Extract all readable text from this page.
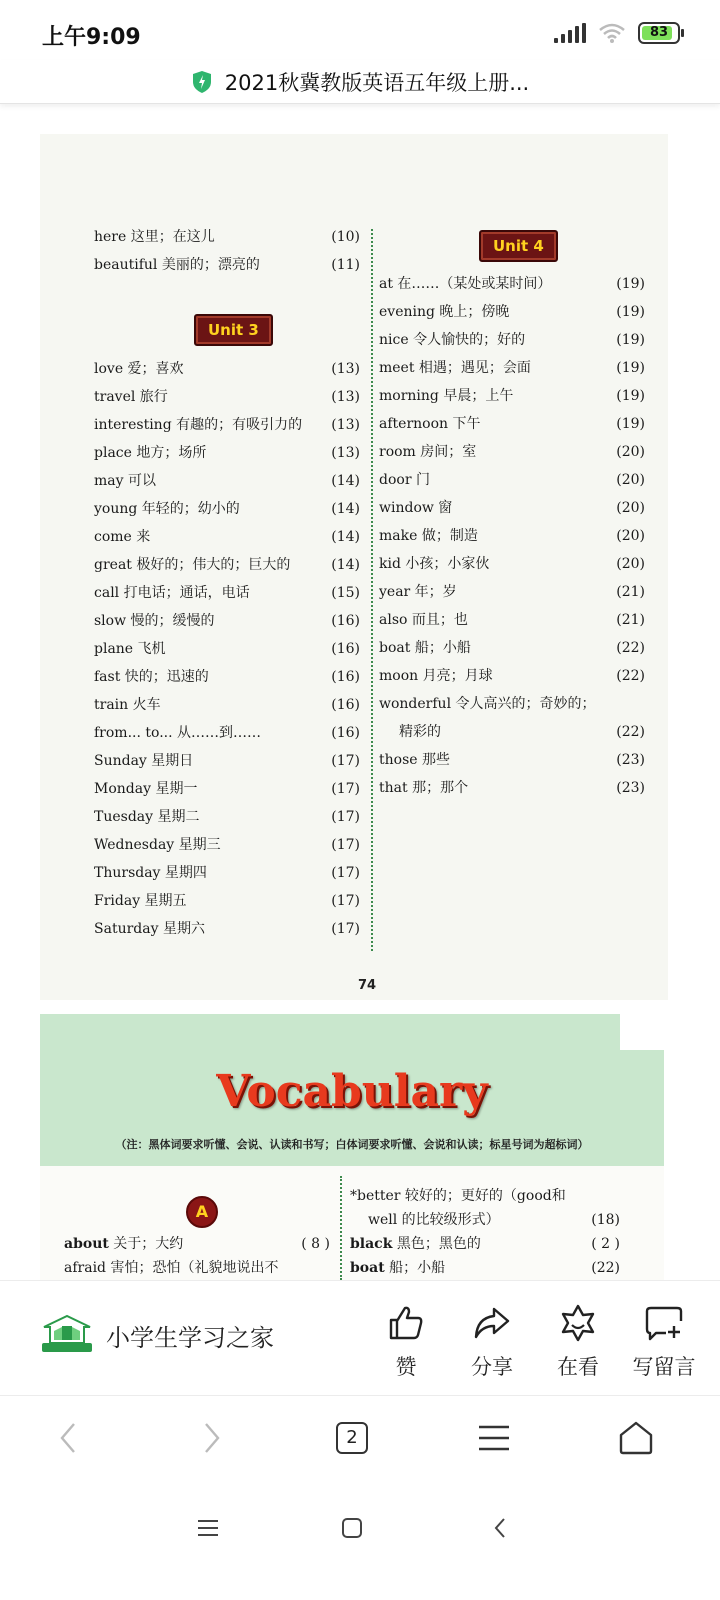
上午9:09	83
2021秋冀教版英语五年级上册...
here 这里；在这儿	(10)
beautiful 美丽的；漂亮的	(11)
Unit 3
love 爱；喜欢	(13)
travel 旅行	(13)
interesting 有趣的；有吸引力的 (13)
place 地方；场所	(13)
may 可以	(14)
young 年轻的；幼小的	(14)
come 来	(14)
great 极好的；伟大的；巨大的	(14)
call 打电话；通话，电话	(15)
slow 慢的；缓慢的	(16)
plane 飞机	(16)
fast 快的；迅速的	(16)
train 火车	(16)
from... to... 从……到……	(16)
Sunday 星期日	(17)
Monday 星期一	(17)
Tuesday 星期二	(17)
Wednesday 星期三	(17)
Thursday 星期四	(17)
Friday 星期五	(17)
Saturday 星期六	(17)
Unit 4
at 在……（某处或某时间）	(19)
evening 晚上；傍晚	(19)
nice 令人愉快的；好的	(19)
meet 相遇；遇见；会面	(19)
morning 早晨；上午	(19)
afternoon 下午	(19)
room 房间；室	(20)
door 门	(20)
window 窗	(20)
make 做；制造	(20)
kid 小孩；小家伙	(20)
year 年；岁	(21)
also 而且；也	(21)
boat 船；小船	(22)
moon 月亮；月球	(22)
wonderful 令人高兴的；奇妙的；
精彩的	(22)
those 那些	(23)
that 那；那个	(23)
74
Vocabulary
（注：黑体词要求听懂、会说、认读和书写；白体词要求听懂、会说和认读；标星号词为超标词）
A
about 关于；大约	( 8 )
afraid 害怕；恐怕（礼貌地说出不
*better 较好的；更好的（good和
well 的比较级形式）	(18)
black 黑色；黑色的	( 2 )
boat 船；小船	(22)
小学生学习之家
赞	分享 在看 写留言
2
